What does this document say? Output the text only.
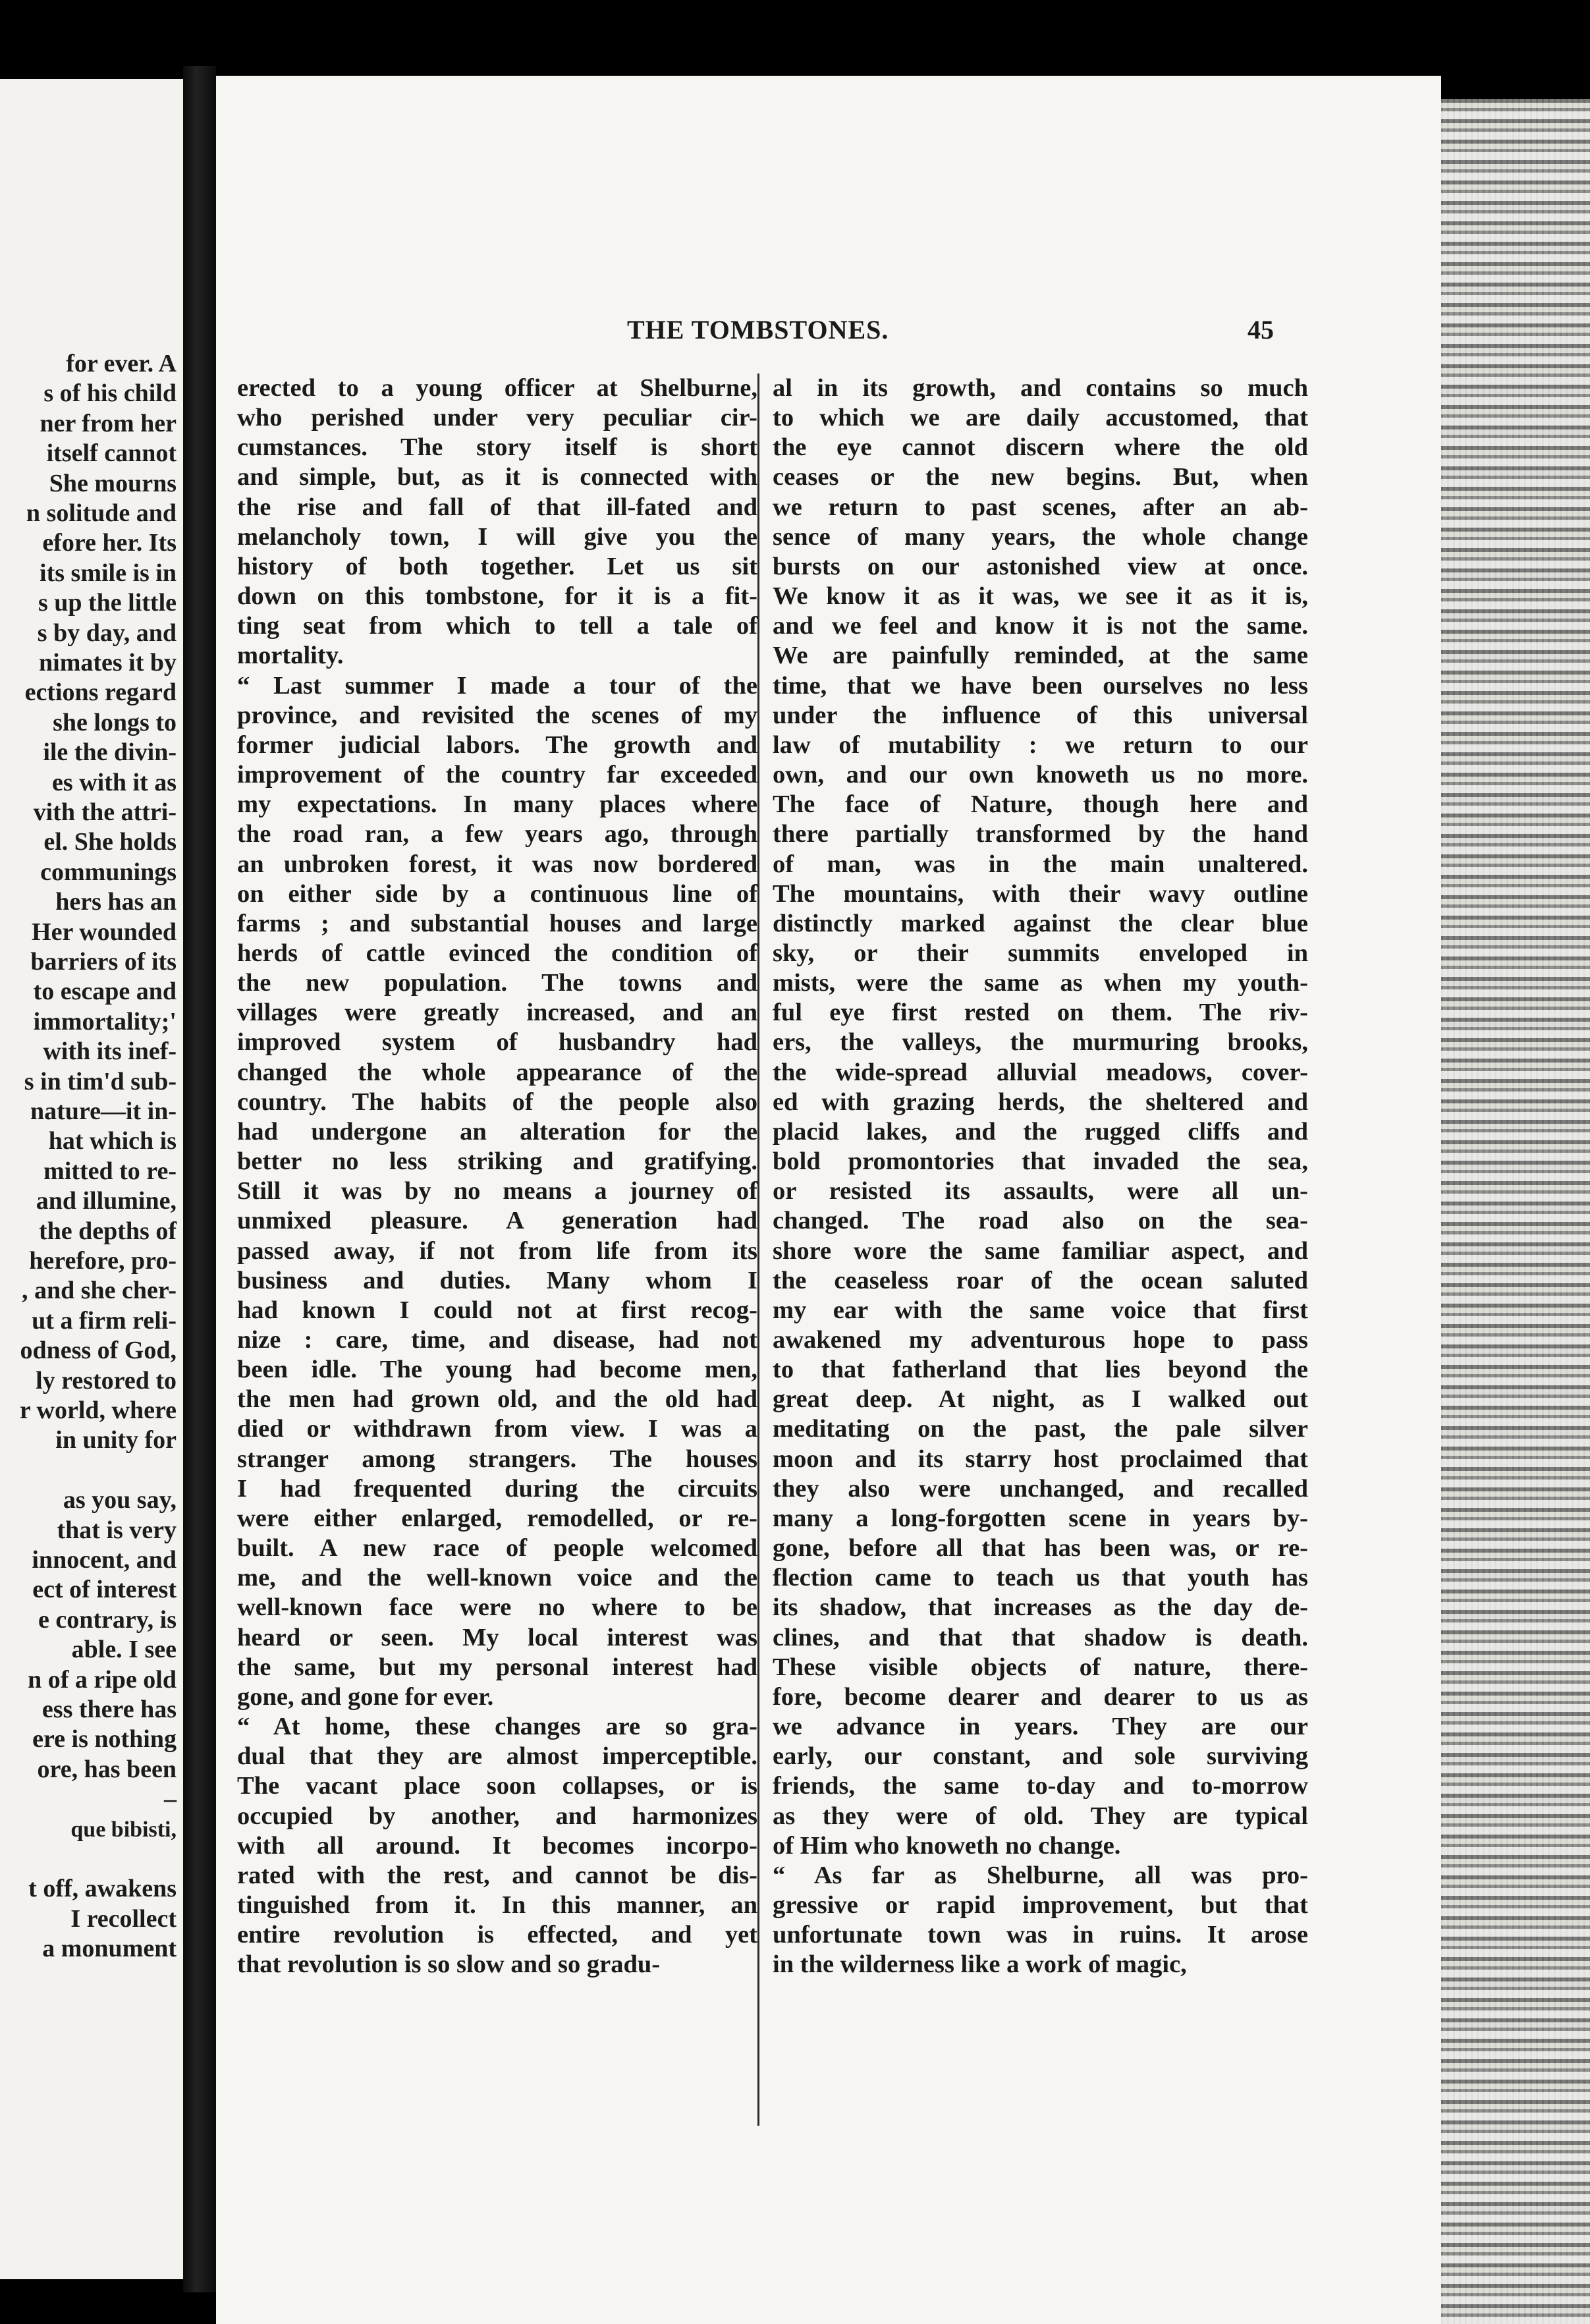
for ever. A
s of his child
ner from her
itself cannot
She mourns
n solitude and
efore her. Its
its smile is in
s up the little
s by day, and
nimates it by
ections regard
she longs to
ile the divin-
es with it as
vith the attri-
el. She holds
communings
hers has an
Her wounded
barriers of its
to escape and
immortality;'
with its inef-
s in tim'd sub-
nature—it in-
hat which is
mitted to re-
and illumine,
the depths of
herefore, pro-
, and she cher-
ut a firm reli-
odness of God,
ly restored to
r world, where
in unity for
as you say,
that is very
innocent, and
ect of interest
e contrary, is
able. I see
n of a ripe old
ess there has
ere is nothing
ore, has been
–
que bibisti,
t off, awakens
I recollect
a monument
THE TOMBSTONES.	45
erected to a young officer at Shelburne,
who perished under very peculiar cir-
cumstances. The story itself is short
and simple, but, as it is connected with
the rise and fall of that ill-fated and
melancholy town, I will give you the
history of both together. Let us sit
down on this tombstone, for it is a fit-
ting seat from which to tell a tale of
mortality.
“ Last summer I made a tour of the
province, and revisited the scenes of my
former judicial labors. The growth and
improvement of the country far exceeded
my expectations. In many places where
the road ran, a few years ago, through
an unbroken forest, it was now bordered
on either side by a continuous line of
farms ; and substantial houses and large
herds of cattle evinced the condition of
the new population. The towns and
villages were greatly increased, and an
improved system of husbandry had
changed the whole appearance of the
country. The habits of the people also
had undergone an alteration for the
better no less striking and gratifying.
Still it was by no means a journey of
unmixed pleasure. A generation had
passed away, if not from life from its
business and duties. Many whom I
had known I could not at first recog-
nize : care, time, and disease, had not
been idle. The young had become men,
the men had grown old, and the old had
died or withdrawn from view. I was a
stranger among strangers. The houses
I had frequented during the circuits
were either enlarged, remodelled, or re-
built. A new race of people welcomed
me, and the well-known voice and the
well-known face were no where to be
heard or seen. My local interest was
the same, but my personal interest had
gone, and gone for ever.
“ At home, these changes are so gra-
dual that they are almost imperceptible.
The vacant place soon collapses, or is
occupied by another, and harmonizes
with all around. It becomes incorpo-
rated with the rest, and cannot be dis-
tinguished from it. In this manner, an
entire revolution is effected, and yet
that revolution is so slow and so gradu-
al in its growth, and contains so much
to which we are daily accustomed, that
the eye cannot discern where the old
ceases or the new begins. But, when
we return to past scenes, after an ab-
sence of many years, the whole change
bursts on our astonished view at once.
We know it as it was, we see it as it is,
and we feel and know it is not the same.
We are painfully reminded, at the same
time, that we have been ourselves no less
under the influence of this universal
law of mutability : we return to our
own, and our own knoweth us no more.
The face of Nature, though here and
there partially transformed by the hand
of man, was in the main unaltered.
The mountains, with their wavy outline
distinctly marked against the clear blue
sky, or their summits enveloped in
mists, were the same as when my youth-
ful eye first rested on them. The riv-
ers, the valleys, the murmuring brooks,
the wide-spread alluvial meadows, cover-
ed with grazing herds, the sheltered and
placid lakes, and the rugged cliffs and
bold promontories that invaded the sea,
or resisted its assaults, were all un-
changed. The road also on the sea-
shore wore the same familiar aspect, and
the ceaseless roar of the ocean saluted
my ear with the same voice that first
awakened my adventurous hope to pass
to that fatherland that lies beyond the
great deep. At night, as I walked out
meditating on the past, the pale silver
moon and its starry host proclaimed that
they also were unchanged, and recalled
many a long-forgotten scene in years by-
gone, before all that has been was, or re-
flection came to teach us that youth has
its shadow, that increases as the day de-
clines, and that that shadow is death.
These visible objects of nature, there-
fore, become dearer and dearer to us as
we advance in years. They are our
early, our constant, and sole surviving
friends, the same to-day and to-morrow
as they were of old. They are typical
of Him who knoweth no change.
“ As far as Shelburne, all was pro-
gressive or rapid improvement, but that
unfortunate town was in ruins. It arose
in the wilderness like a work of magic,
